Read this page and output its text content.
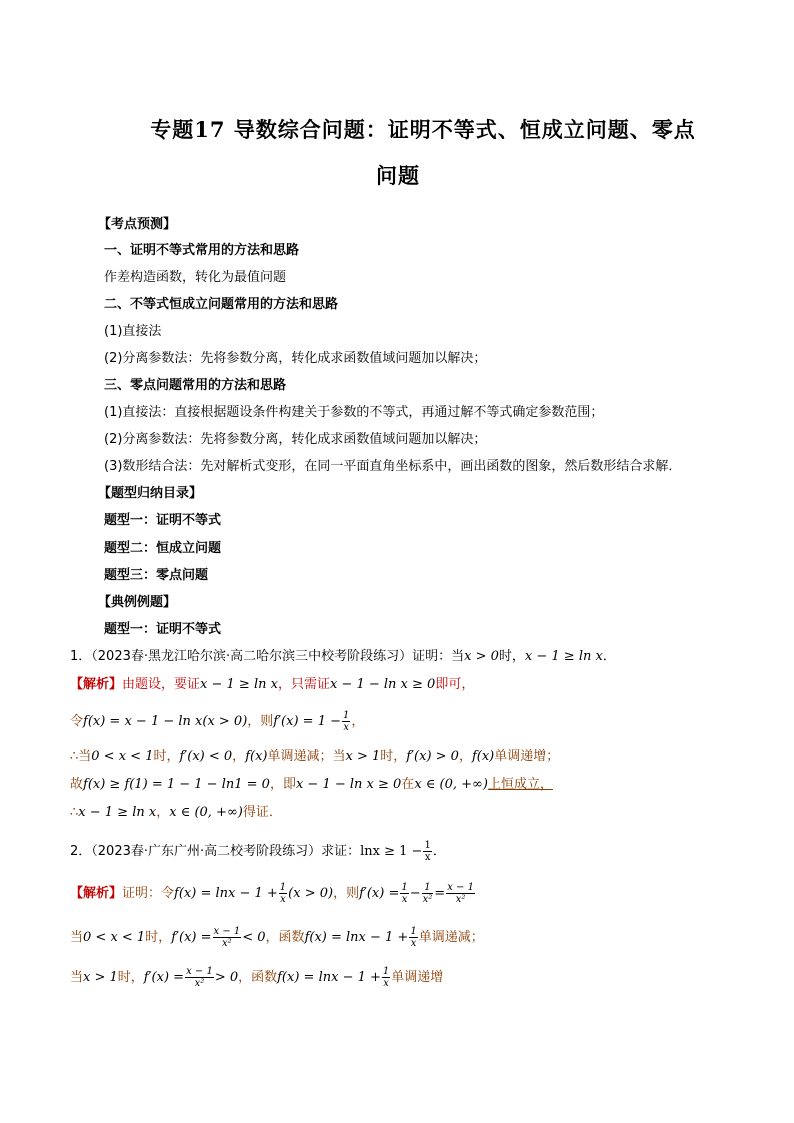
专题17 导数综合问题：证明不等式、恒成立问题、零点
问题
【考点预测】
一、证明不等式常用的方法和思路
作差构造函数，转化为最值问题
二、不等式恒成立问题常用的方法和思路
(1)直接法
(2)分离参数法：先将参数分离，转化成求函数值域问题加以解决；
三、零点问题常用的方法和思路
(1)直接法：直接根据题设条件构建关于参数的不等式，再通过解不等式确定参数范围；
(2)分离参数法：先将参数分离，转化成求函数值域问题加以解决；
(3)数形结合法：先对解析式变形，在同一平面直角坐标系中，画出函数的图象，然后数形结合求解．
【题型归纳目录】
题型一：证明不等式
题型二：恒成立问题
题型三：零点问题
【典例例题】
题型一：证明不等式
1．（2023春·黑龙江哈尔滨·高二哈尔滨三中校考阶段练习）证明：当x > 0时，x − 1 ≥ ln x．
【解析】由题设，要证x − 1 ≥ ln x，只需证x − 1 − ln x ≥ 0即可，
令f(x) = x − 1 − ln x(x > 0)，则$f'(x) = 1 - \frac{1}{x}$ ，
∴当0 < x < 1时，f′(x) < 0，f(x)单调递减；当x > 1时，f′(x) > 0，f(x)单调递增；
故f(x) ≥ f(1) = 1 − 1 − ln1 = 0，即x − 1 − ln x ≥ 0在x ∈ (0, +∞)上恒成立，
∴x − 1 ≥ ln x，x ∈ (0, +∞)得证．
2．（2023春·广东广州·高二校考阶段练习）求证：$\ln x \ge 1 - \frac{1}{x}$ ．
【解析】证明：令$f(x) = \ln x - 1 + \frac{1}{x} (x > 0)$，则$f'(x) = \frac{1}{x} - \frac{1}{\text{x²}} = \frac{x - 1}{\text{x²}}$
当0 < x < 1时，$f'(x) = \frac{x - 1}{\text{x²}} < 0$，函数$f(x) = \ln x - 1 + \frac{1}{x}$ 单调递减；
当x > 1时，$f'(x) = \frac{x - 1}{\text{x²}} > 0$，函数$f(x) = \ln x - 1 + \frac{1}{x}$ 单调递增
